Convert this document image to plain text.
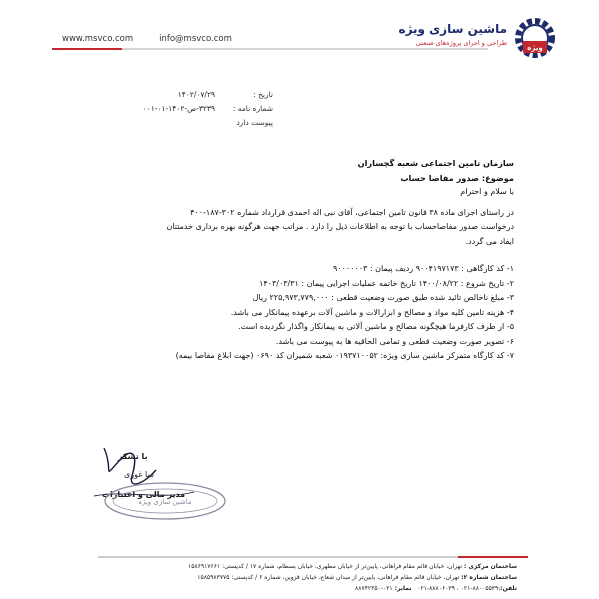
www.msvco.com	info@msvco.com
ماشین سازی ویژه
طراحی و اجرای پروژه‌های صنعتی
ویژه
تاریخ :
۱۴۰۲/۰۷/۲۹
شماره نامه :
۳۲۳۹-ص-۱۴۰۲-۰۱-۰۰۱
پیوست دارد

سازمان تامین اجتماعی شعبه گچساران

موضوع: صدور مفاصا حساب

با سلام و احترام

در راستای اجرای ماده ۳۸ قانون تامین اجتماعی، آقای نبی اله احمدی قرارداد شماره ۳۰۲-۱۸۷-۴۰۰

درخواست صدور مفاصاحساب با توجه به اطلاعات ذیل را دارد . مراتب جهت هرگونه بهره برداری خدمتتان

ایفاد می گردد.

۱- کد کارگاهی : ۹۰۰۴۱۹۷۱۷۳ ردیف پیمان : ۹۰۰۰۰۰۰۳

۲- تاریخ شروع : ۱۴۰۰/۰۸/۲۲ تاریخ خاتمه عملیات اجرایی پیمان : ۱۴۰۳/۰۳/۳۱

۳- مبلغ ناخالص تائید شده طبق صورت وضعیت قطعی : ۲۲۵,۹۷۳,۷۷۹,۰۰۰ ریال

۴- هزینه تامین کلیه مواد و مصالح و ابزارالات و ماشین آلات برعهده پیمانکار می باشد.

۵- از طرف کارفرما هیچگونه مصالح و ماشین آلاتی به پیمانکار واگذار نگردیده است.

۶- تصویر صورت وضعیت قطعی و تمامی الحاقیه ها به پیوست می باشد.

۷- کد کارگاه متمرکز ماشین سازی ویژه: ۰۱۹۳۷۱۰۰۵۲ شعبه شمیران کد ۰۶۹۰ (جهت ابلاغ مفاصا بیمه)

با تشکر
سا غوری
مدیر مالی و اعتبارات
ماشین سازی ویژه
ساختمان مرکزی : تهران، خیابان قائم مقام فراهانی، پایین‌تر از خیابان مطهری، خیابان بسطام، شماره ۱۷ / کدپستی: ۱۵۸۶۹۱۷۶۶۱
ساختمان شماره ۲: تهران، خیابان قائم مقام فراهانی، پایین‌تر از میدان شعاع، خیابان قزوین، شماره ۶ / کدپستی: ۱۵۸۵۹۸۳۷۷۵
تلفن: ۸۸۰۰۵۵۳۹-۰۲۱ ، ۸۸۸۰۶۰۳۹-۰۲۱   نمابر: ۰۲۱-۸۸۷۴۲۳۵۰	۱
